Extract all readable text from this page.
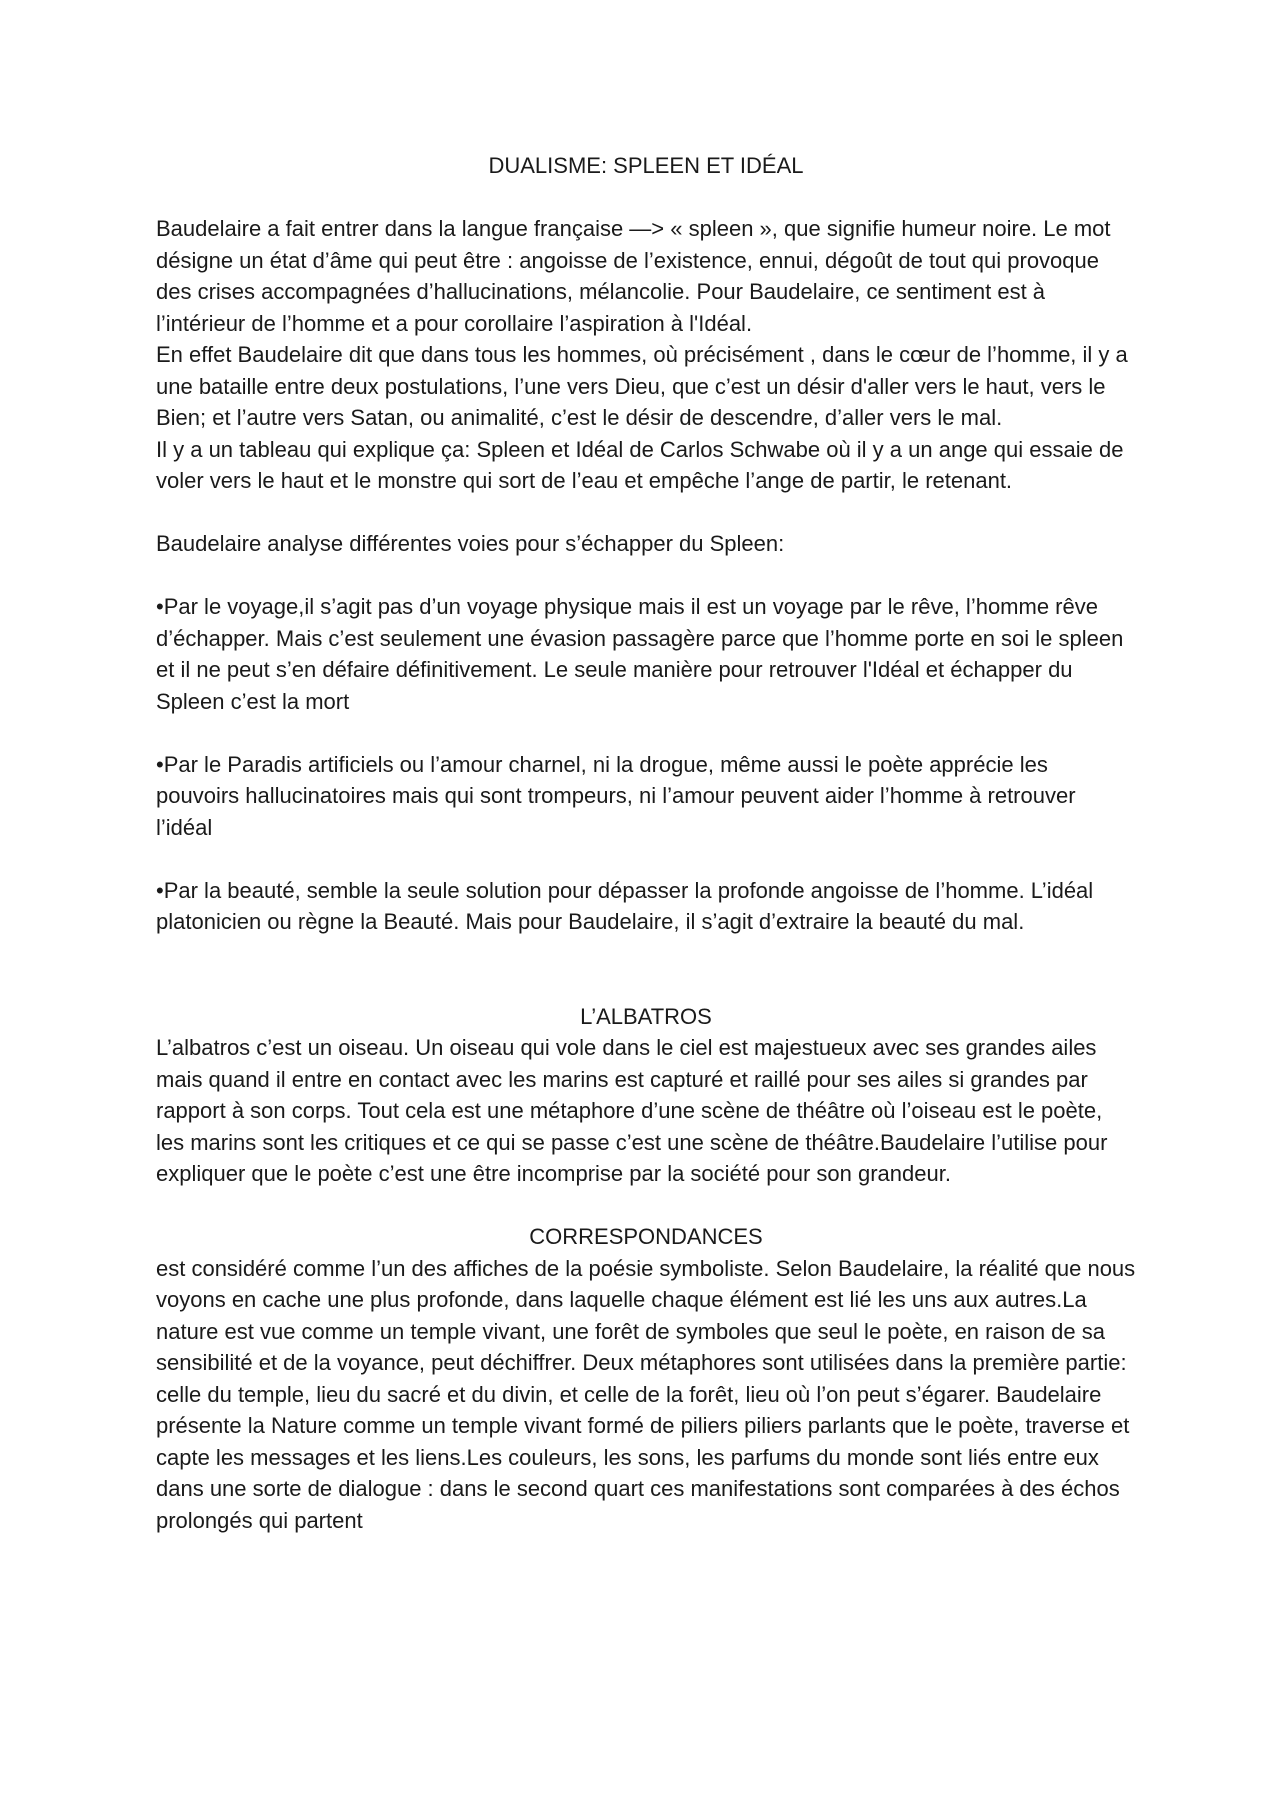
DUALISME: SPLEEN ET IDÉAL

Baudelaire a fait entrer dans la langue française —> « spleen », que signifie humeur noire. Le mot désigne un état d’âme qui peut être : angoisse de l’existence, ennui, dégoût de tout qui provoque des crises accompagnées d’hallucinations, mélancolie. Pour Baudelaire, ce sentiment est à l’intérieur de l’homme et a pour corollaire l’aspiration à l'Idéal.

En effet Baudelaire dit que dans tous les hommes, où précisément , dans le cœur de l’homme, il y a une bataille entre deux postulations, l’une vers Dieu, que c’est un désir d'aller vers le haut, vers le Bien; et l’autre vers Satan, ou animalité, c’est le désir de descendre, d’aller vers le mal.

Il y a un tableau qui explique ça: Spleen et Idéal de Carlos Schwabe où il y a un ange qui essaie de voler vers le haut et le monstre qui sort de l’eau et empêche l’ange de partir, le retenant.

Baudelaire analyse différentes voies pour s’échapper du Spleen:

•Par le voyage,il s’agit pas d’un voyage physique mais il est un voyage par le rêve, l’homme rêve d’échapper. Mais c’est seulement une évasion passagère parce que l’homme porte en soi le spleen et il ne peut s’en défaire définitivement. Le seule manière pour retrouver l'Idéal et échapper du Spleen c’est la mort

•Par le Paradis artificiels ou l’amour charnel, ni la drogue, même aussi le poète apprécie les pouvoirs hallucinatoires mais qui sont trompeurs, ni l’amour peuvent aider l’homme à retrouver l’idéal

•Par la beauté, semble la seule solution pour dépasser la profonde angoisse de l’homme. L’idéal platonicien ou règne la Beauté. Mais pour Baudelaire, il s’agit d’extraire la beauté du mal.

L’ALBATROS

L’albatros c’est un oiseau. Un oiseau qui vole dans le ciel est majestueux avec ses grandes ailes mais quand il entre en contact avec les marins est capturé et raillé pour ses ailes si grandes par rapport à son corps. Tout cela est une métaphore d’une scène de théâtre où l’oiseau est le poète, les marins sont les critiques et ce qui se passe c’est une scène de théâtre.Baudelaire l’utilise pour expliquer que le poète c’est une être incomprise par la société pour son grandeur.

CORRESPONDANCES

est considéré comme l’un des affiches de la poésie symboliste. Selon Baudelaire, la réalité que nous voyons en cache une plus profonde, dans laquelle chaque élément est lié les uns aux autres.La nature est vue comme un temple vivant, une forêt de symboles que seul le poète, en raison de sa sensibilité et de la voyance, peut déchiffrer. Deux métaphores sont utilisées dans la première partie: celle du temple, lieu du sacré et du divin, et celle de la forêt, lieu où l’on peut s’égarer. Baudelaire présente la Nature comme un temple vivant formé de piliers piliers parlants que le poète, traverse et capte les messages et les liens.Les couleurs, les sons, les parfums du monde sont liés entre eux dans une sorte de dialogue : dans le second quart ces manifestations sont comparées à des échos prolongés qui partent
